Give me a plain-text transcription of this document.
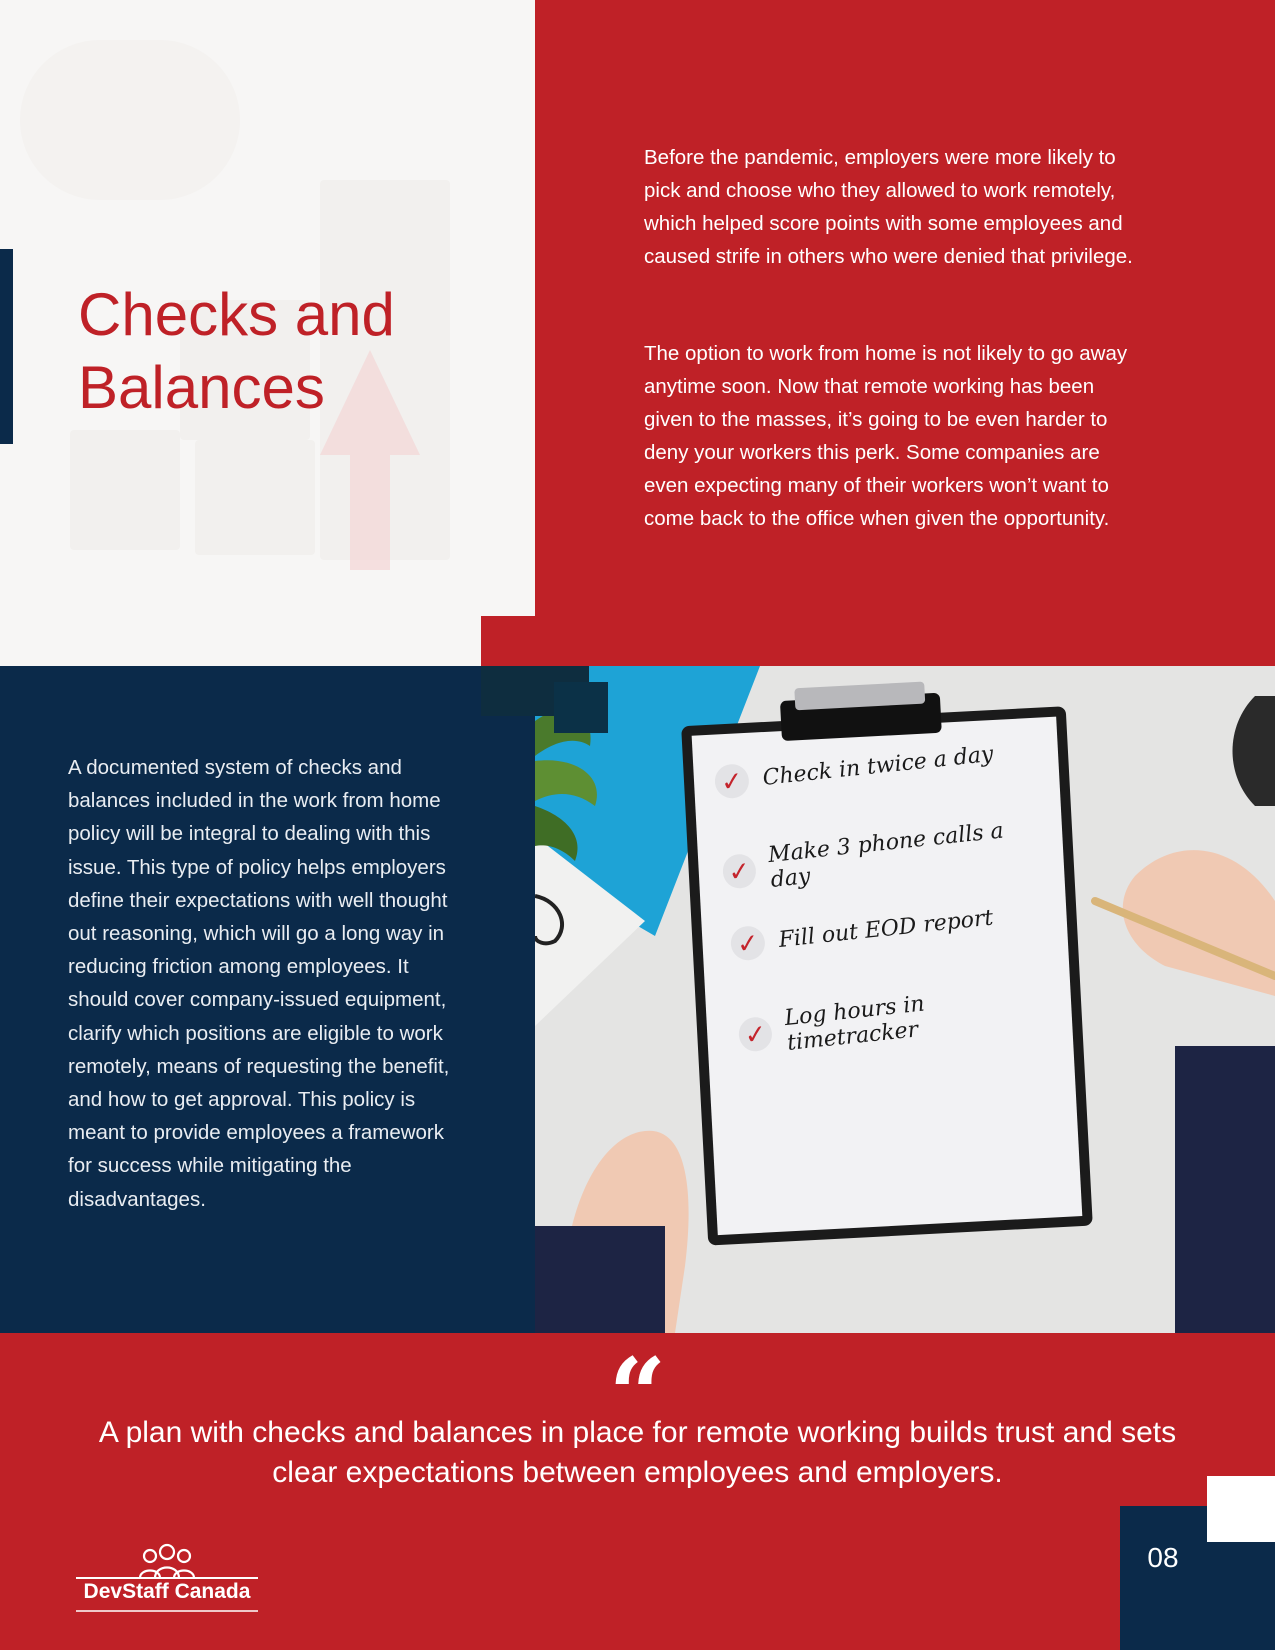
Checks and
Balances

Before the pandemic, employers were more likely to pick and choose who they allowed to work remotely, which helped score points with some employees and caused strife in others who were denied that privilege.

The option to work from home is not likely to go away anytime soon. Now that remote working has been given to the masses, it’s going to be even harder to deny your workers this perk. Some companies are even expecting many of their workers won’t want to come back to the office when given the opportunity.

A documented system of checks and balances included in the work from home policy will be integral to dealing with this issue. This type of policy helps employers define their expectations with well thought out reasoning, which will go a long way in reducing friction among employees. It should cover company-issued equipment, clarify which positions are eligible to work remotely, means of requesting the benefit, and how to get approval. This policy is meant to provide employees a framework for success while mitigating the disadvantages.

✓ Check in twice a day
✓
Make 3 phone calls a day
✓ Fill out EOD report
✓
Log hours in timetracker
“

A plan with checks and balances in place for remote working builds trust and sets clear expectations between employees and employers.

DevStaff Canada
08
